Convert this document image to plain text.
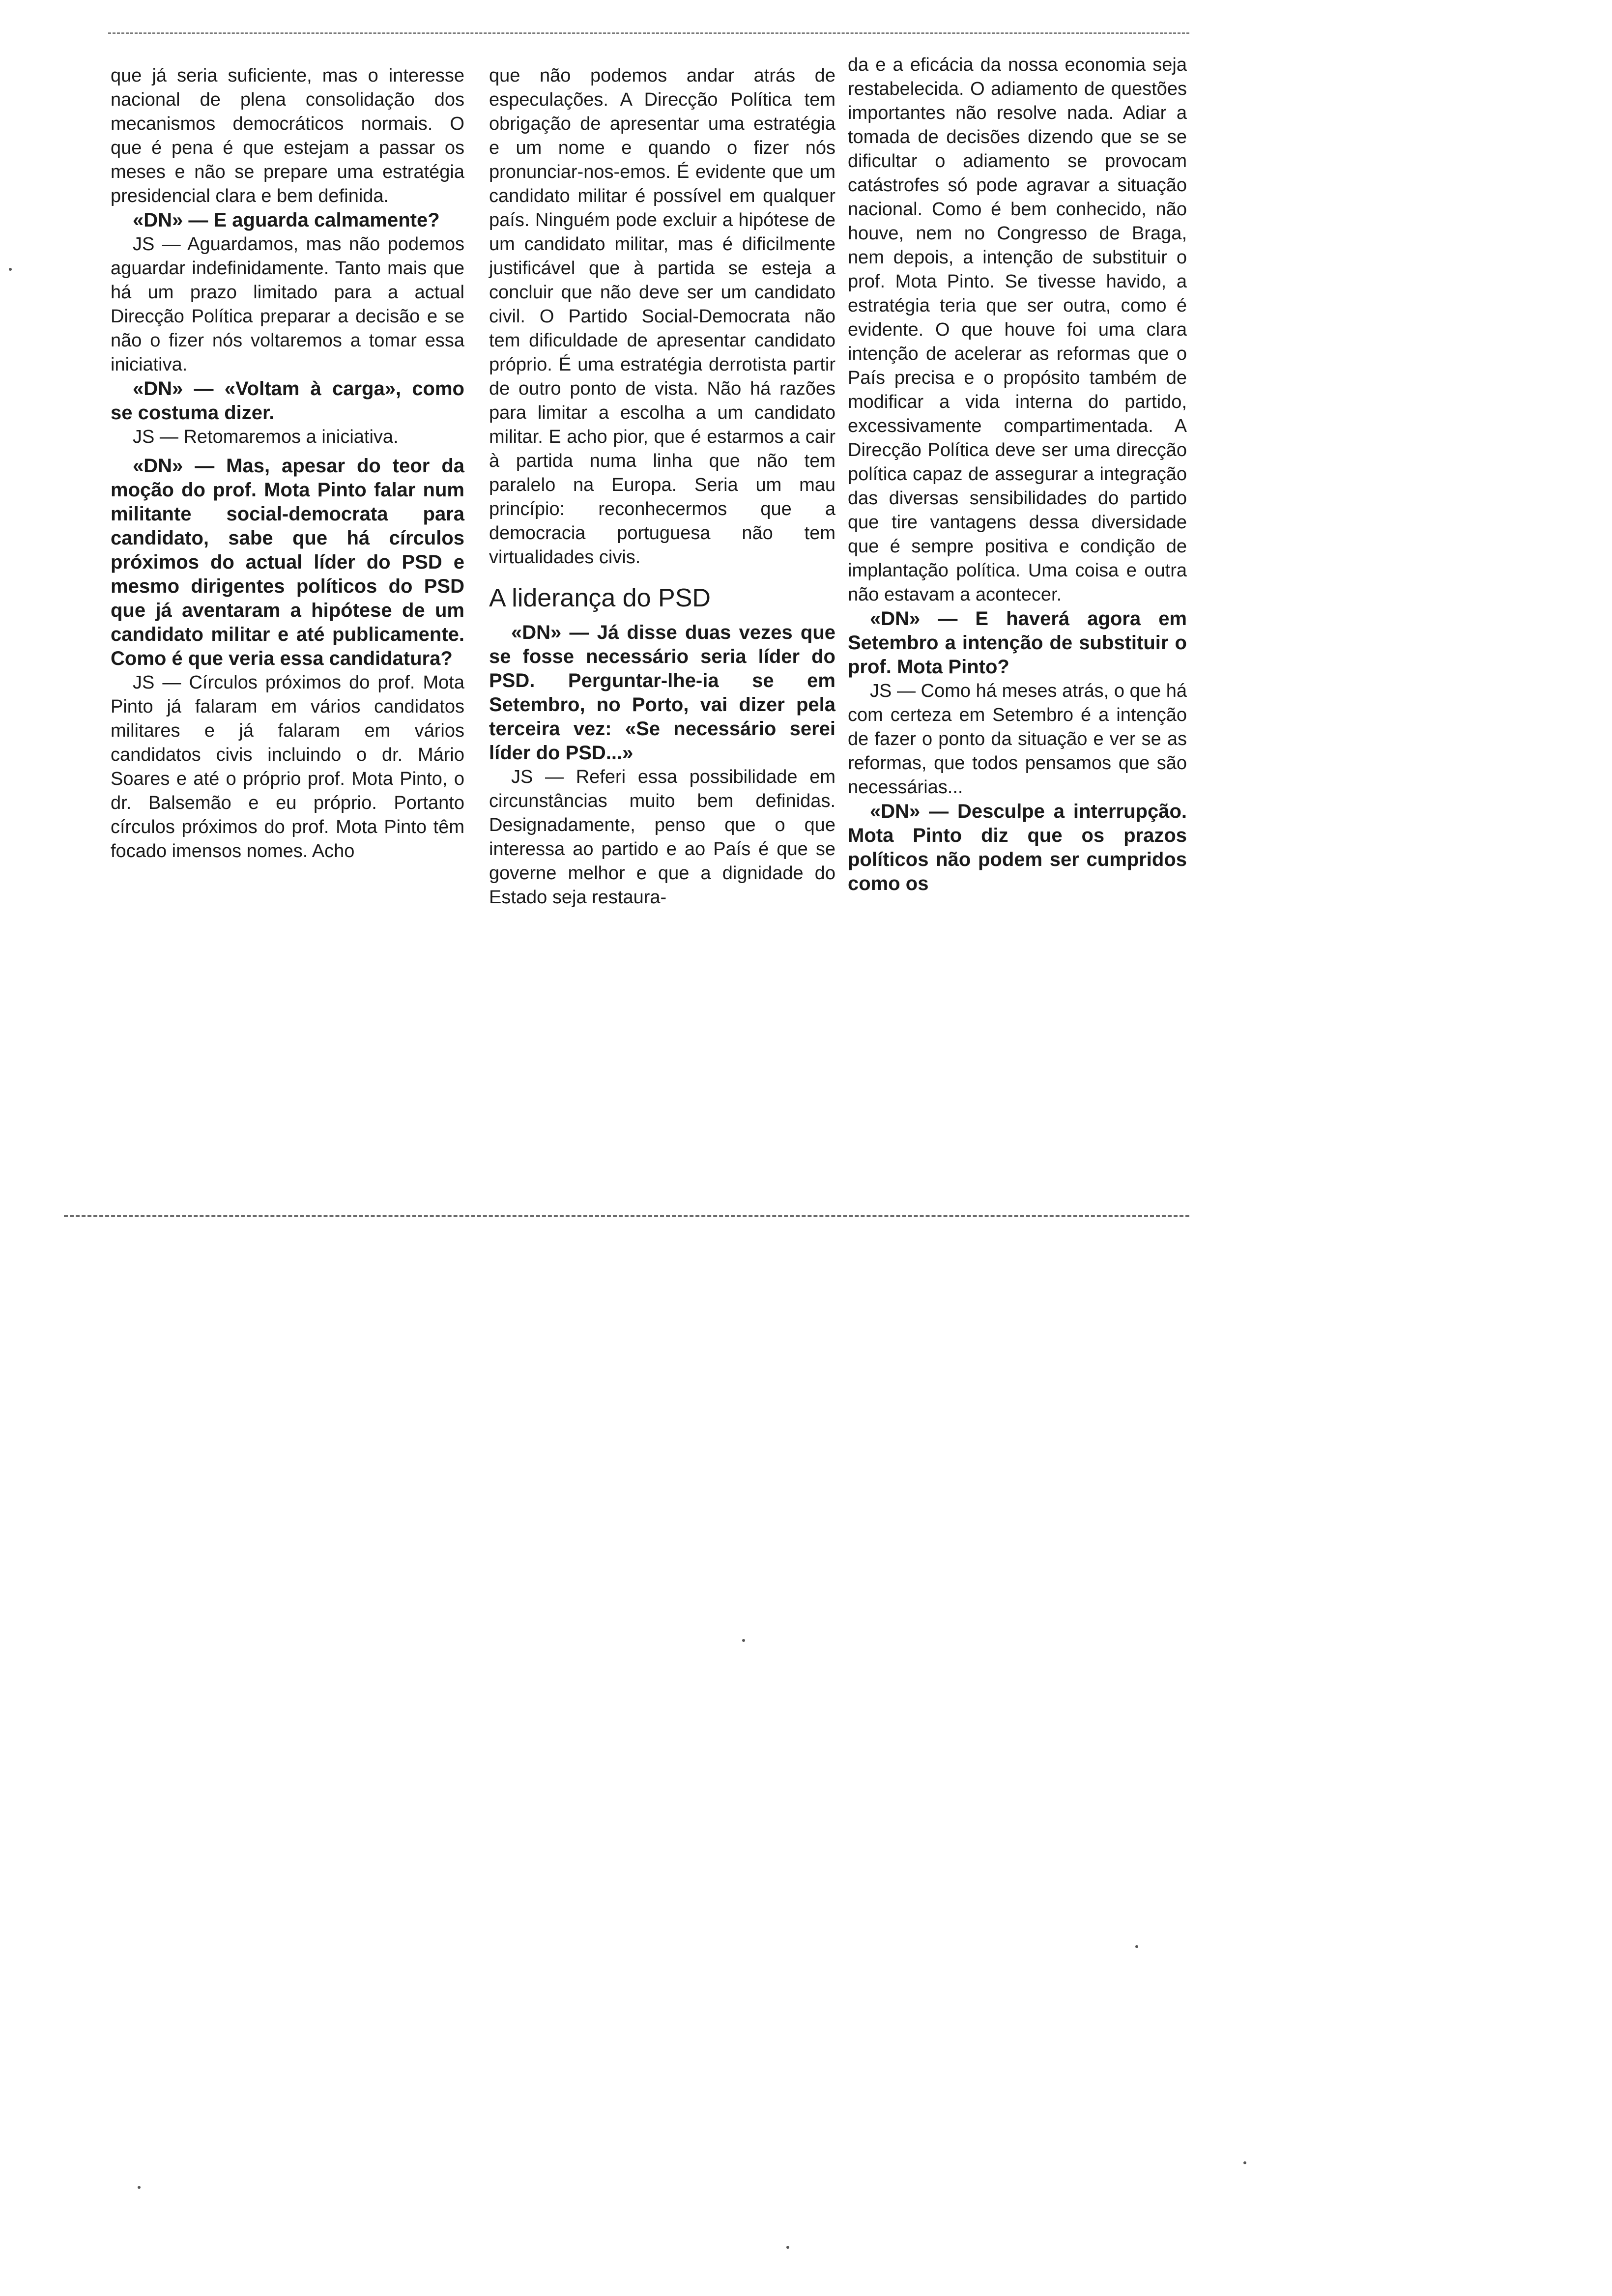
que já seria suficiente, mas o interesse nacional de plena consolidação dos mecanismos democráticos normais. O que é pena é que estejam a passar os meses e não se prepare uma estratégia presidencial clara e bem definida.

«DN» — E aguarda calmamente?

JS — Aguardamos, mas não podemos aguardar indefinidamente. Tanto mais que há um prazo limitado para a actual Direcção Política preparar a decisão e se não o fizer nós voltaremos a tomar essa iniciativa.

«DN» — «Voltam à carga», como se costuma dizer.

JS — Retomaremos a iniciativa.

«DN» — Mas, apesar do teor da moção do prof. Mota Pinto falar num militante social-democrata para candidato, sabe que há círculos próximos do actual líder do PSD e mesmo dirigentes políticos do PSD que já aventaram a hipótese de um candidato militar e até publicamente. Como é que veria essa candidatura?

JS — Círculos próximos do prof. Mota Pinto já falaram em vários candidatos militares e já falaram em vários candidatos civis incluindo o dr. Mário Soares e até o próprio prof. Mota Pinto, o dr. Balsemão e eu próprio. Portanto círculos próximos do prof. Mota Pinto têm focado imensos nomes. Acho

que não podemos andar atrás de especulações. A Direcção Política tem obrigação de apresentar uma estratégia e um nome e quando o fizer nós pronunciar-nos-emos. É evidente que um candidato militar é possível em qualquer país. Ninguém pode excluir a hipótese de um candidato militar, mas é dificilmente justificável que à partida se esteja a concluir que não deve ser um candidato civil. O Partido Social-Democrata não tem dificuldade de apresentar candidato próprio. É uma estratégia derrotista partir de outro ponto de vista. Não há razões para limitar a escolha a um candidato militar. E acho pior, que é estarmos a cair à partida numa linha que não tem paralelo na Europa. Seria um mau princípio: reconhecermos que a democracia portuguesa não tem virtualidades civis.

A liderança do PSD

«DN» — Já disse duas vezes que se fosse necessário seria líder do PSD. Perguntar-lhe-ia se em Setembro, no Porto, vai dizer pela terceira vez: «Se necessário serei líder do PSD...»

JS — Referi essa possibilidade em circunstâncias muito bem definidas. Designadamente, penso que o que interessa ao partido e ao País é que se governe melhor e que a dignidade do Estado seja restaura-

da e a eficácia da nossa economia seja restabelecida. O adiamento de questões importantes não resolve nada. Adiar a tomada de decisões dizendo que se se dificultar o adiamento se provocam catástrofes só pode agravar a situação nacional. Como é bem conhecido, não houve, nem no Congresso de Braga, nem depois, a intenção de substituir o prof. Mota Pinto. Se tivesse havido, a estratégia teria que ser outra, como é evidente. O que houve foi uma clara intenção de acelerar as reformas que o País precisa e o propósito também de modificar a vida interna do partido, excessivamente compartimentada. A Direcção Política deve ser uma direcção política capaz de assegurar a integração das diversas sensibilidades do partido que tire vantagens dessa diversidade que é sempre positiva e condição de implantação política. Uma coisa e outra não estavam a acontecer.

«DN» — E haverá agora em Setembro a intenção de substituir o prof. Mota Pinto?

JS — Como há meses atrás, o que há com certeza em Setembro é a intenção de fazer o ponto da situação e ver se as reformas, que todos pensamos que são necessárias...

«DN» — Desculpe a interrupção. Mota Pinto diz que os prazos políticos não podem ser cumpridos como os
